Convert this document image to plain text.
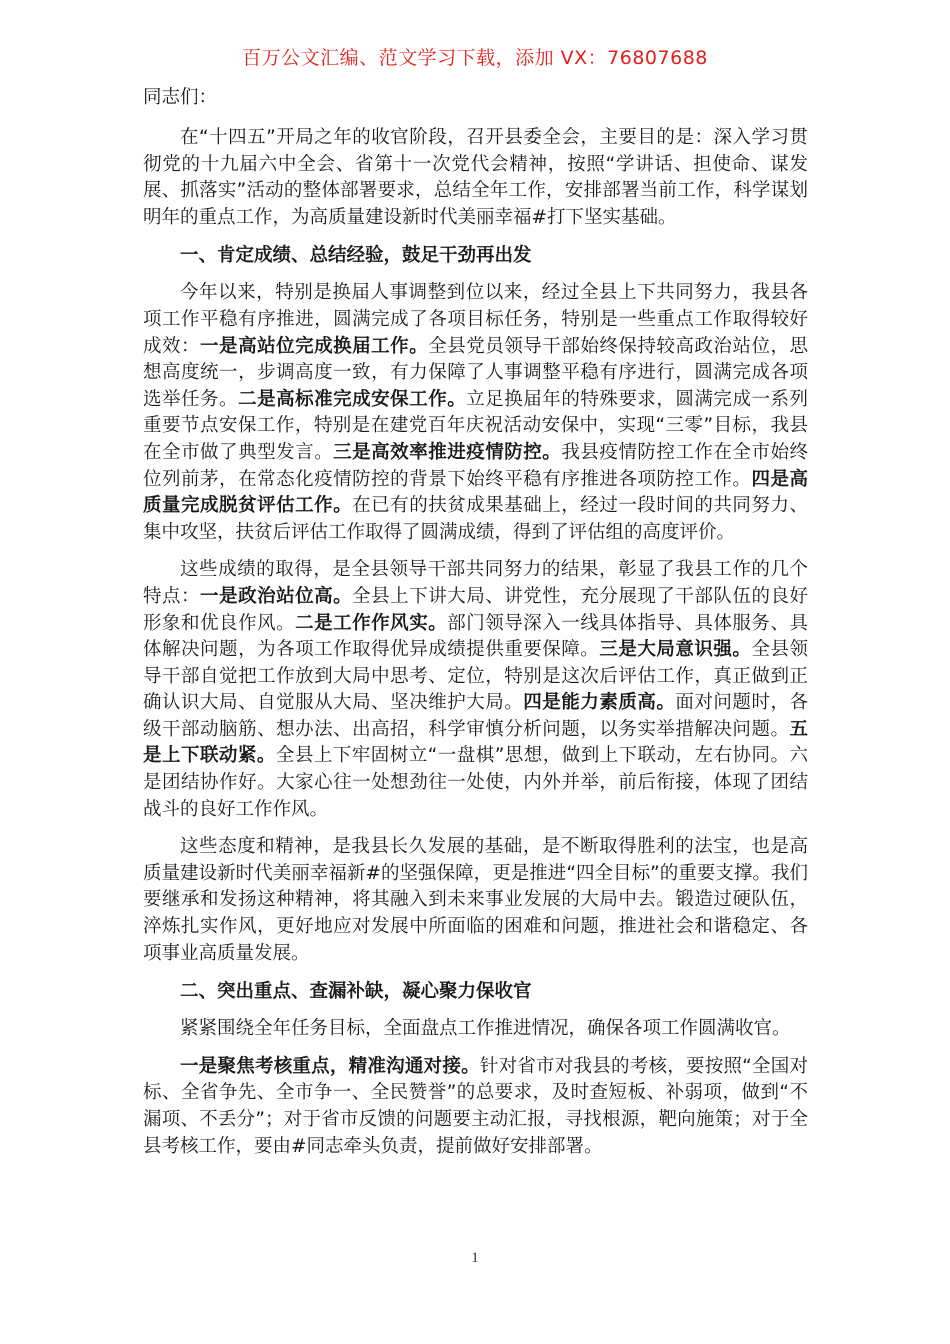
百万公文汇编、范文学习下载，添加 VX：76807688
同志们：

在“十四五”开局之年的收官阶段，召开县委全会，主要目的是：深入学习贯彻党的十九届六中全会、省第十一次党代会精神，按照“学讲话、担使命、谋发展、抓落实”活动的整体部署要求，总结全年工作，安排部署当前工作，科学谋划明年的重点工作，为高质量建设新时代美丽幸福#打下坚实基础。

一、肯定成绩、总结经验，鼓足干劲再出发

今年以来，特别是换届人事调整到位以来，经过全县上下共同努力，我县各项工作平稳有序推进，圆满完成了各项目标任务，特别是一些重点工作取得较好成效：一是高站位完成换届工作。全县党员领导干部始终保持较高政治站位，思想高度统一，步调高度一致，有力保障了人事调整平稳有序进行，圆满完成各项选举任务。二是高标准完成安保工作。立足换届年的特殊要求，圆满完成一系列重要节点安保工作，特别是在建党百年庆祝活动安保中，实现“三零”目标，我县在全市做了典型发言。三是高效率推进疫情防控。我县疫情防控工作在全市始终位列前茅，在常态化疫情防控的背景下始终平稳有序推进各项防控工作。四是高质量完成脱贫评估工作。在已有的扶贫成果基础上，经过一段时间的共同努力、集中攻坚，扶贫后评估工作取得了圆满成绩，得到了评估组的高度评价。

这些成绩的取得，是全县领导干部共同努力的结果，彰显了我县工作的几个特点：一是政治站位高。全县上下讲大局、讲党性，充分展现了干部队伍的良好形象和优良作风。二是工作作风实。部门领导深入一线具体指导、具体服务、具体解决问题，为各项工作取得优异成绩提供重要保障。三是大局意识强。全县领导干部自觉把工作放到大局中思考、定位，特别是这次后评估工作，真正做到正确认识大局、自觉服从大局、坚决维护大局。四是能力素质高。面对问题时，各级干部动脑筋、想办法、出高招，科学审慎分析问题，以务实举措解决问题。五是上下联动紧。全县上下牢固树立“一盘棋”思想，做到上下联动，左右协同。六是团结协作好。大家心往一处想劲往一处使，内外并举，前后衔接，体现了团结战斗的良好工作作风。

这些态度和精神，是我县长久发展的基础，是不断取得胜利的法宝，也是高质量建设新时代美丽幸福新#的坚强保障，更是推进“四全目标”的重要支撑。我们要继承和发扬这种精神，将其融入到未来事业发展的大局中去。锻造过硬队伍，淬炼扎实作风，更好地应对发展中所面临的困难和问题，推进社会和谐稳定、各项事业高质量发展。

二、突出重点、查漏补缺，凝心聚力保收官

紧紧围绕全年任务目标，全面盘点工作推进情况，确保各项工作圆满收官。

一是聚焦考核重点，精准沟通对接。针对省市对我县的考核，要按照“全国对标、全省争先、全市争一、全民赞誉”的总要求，及时查短板、补弱项，做到“不漏项、不丢分”；对于省市反馈的问题要主动汇报，寻找根源，靶向施策；对于全县考核工作，要由#同志牵头负责，提前做好安排部署。

1
